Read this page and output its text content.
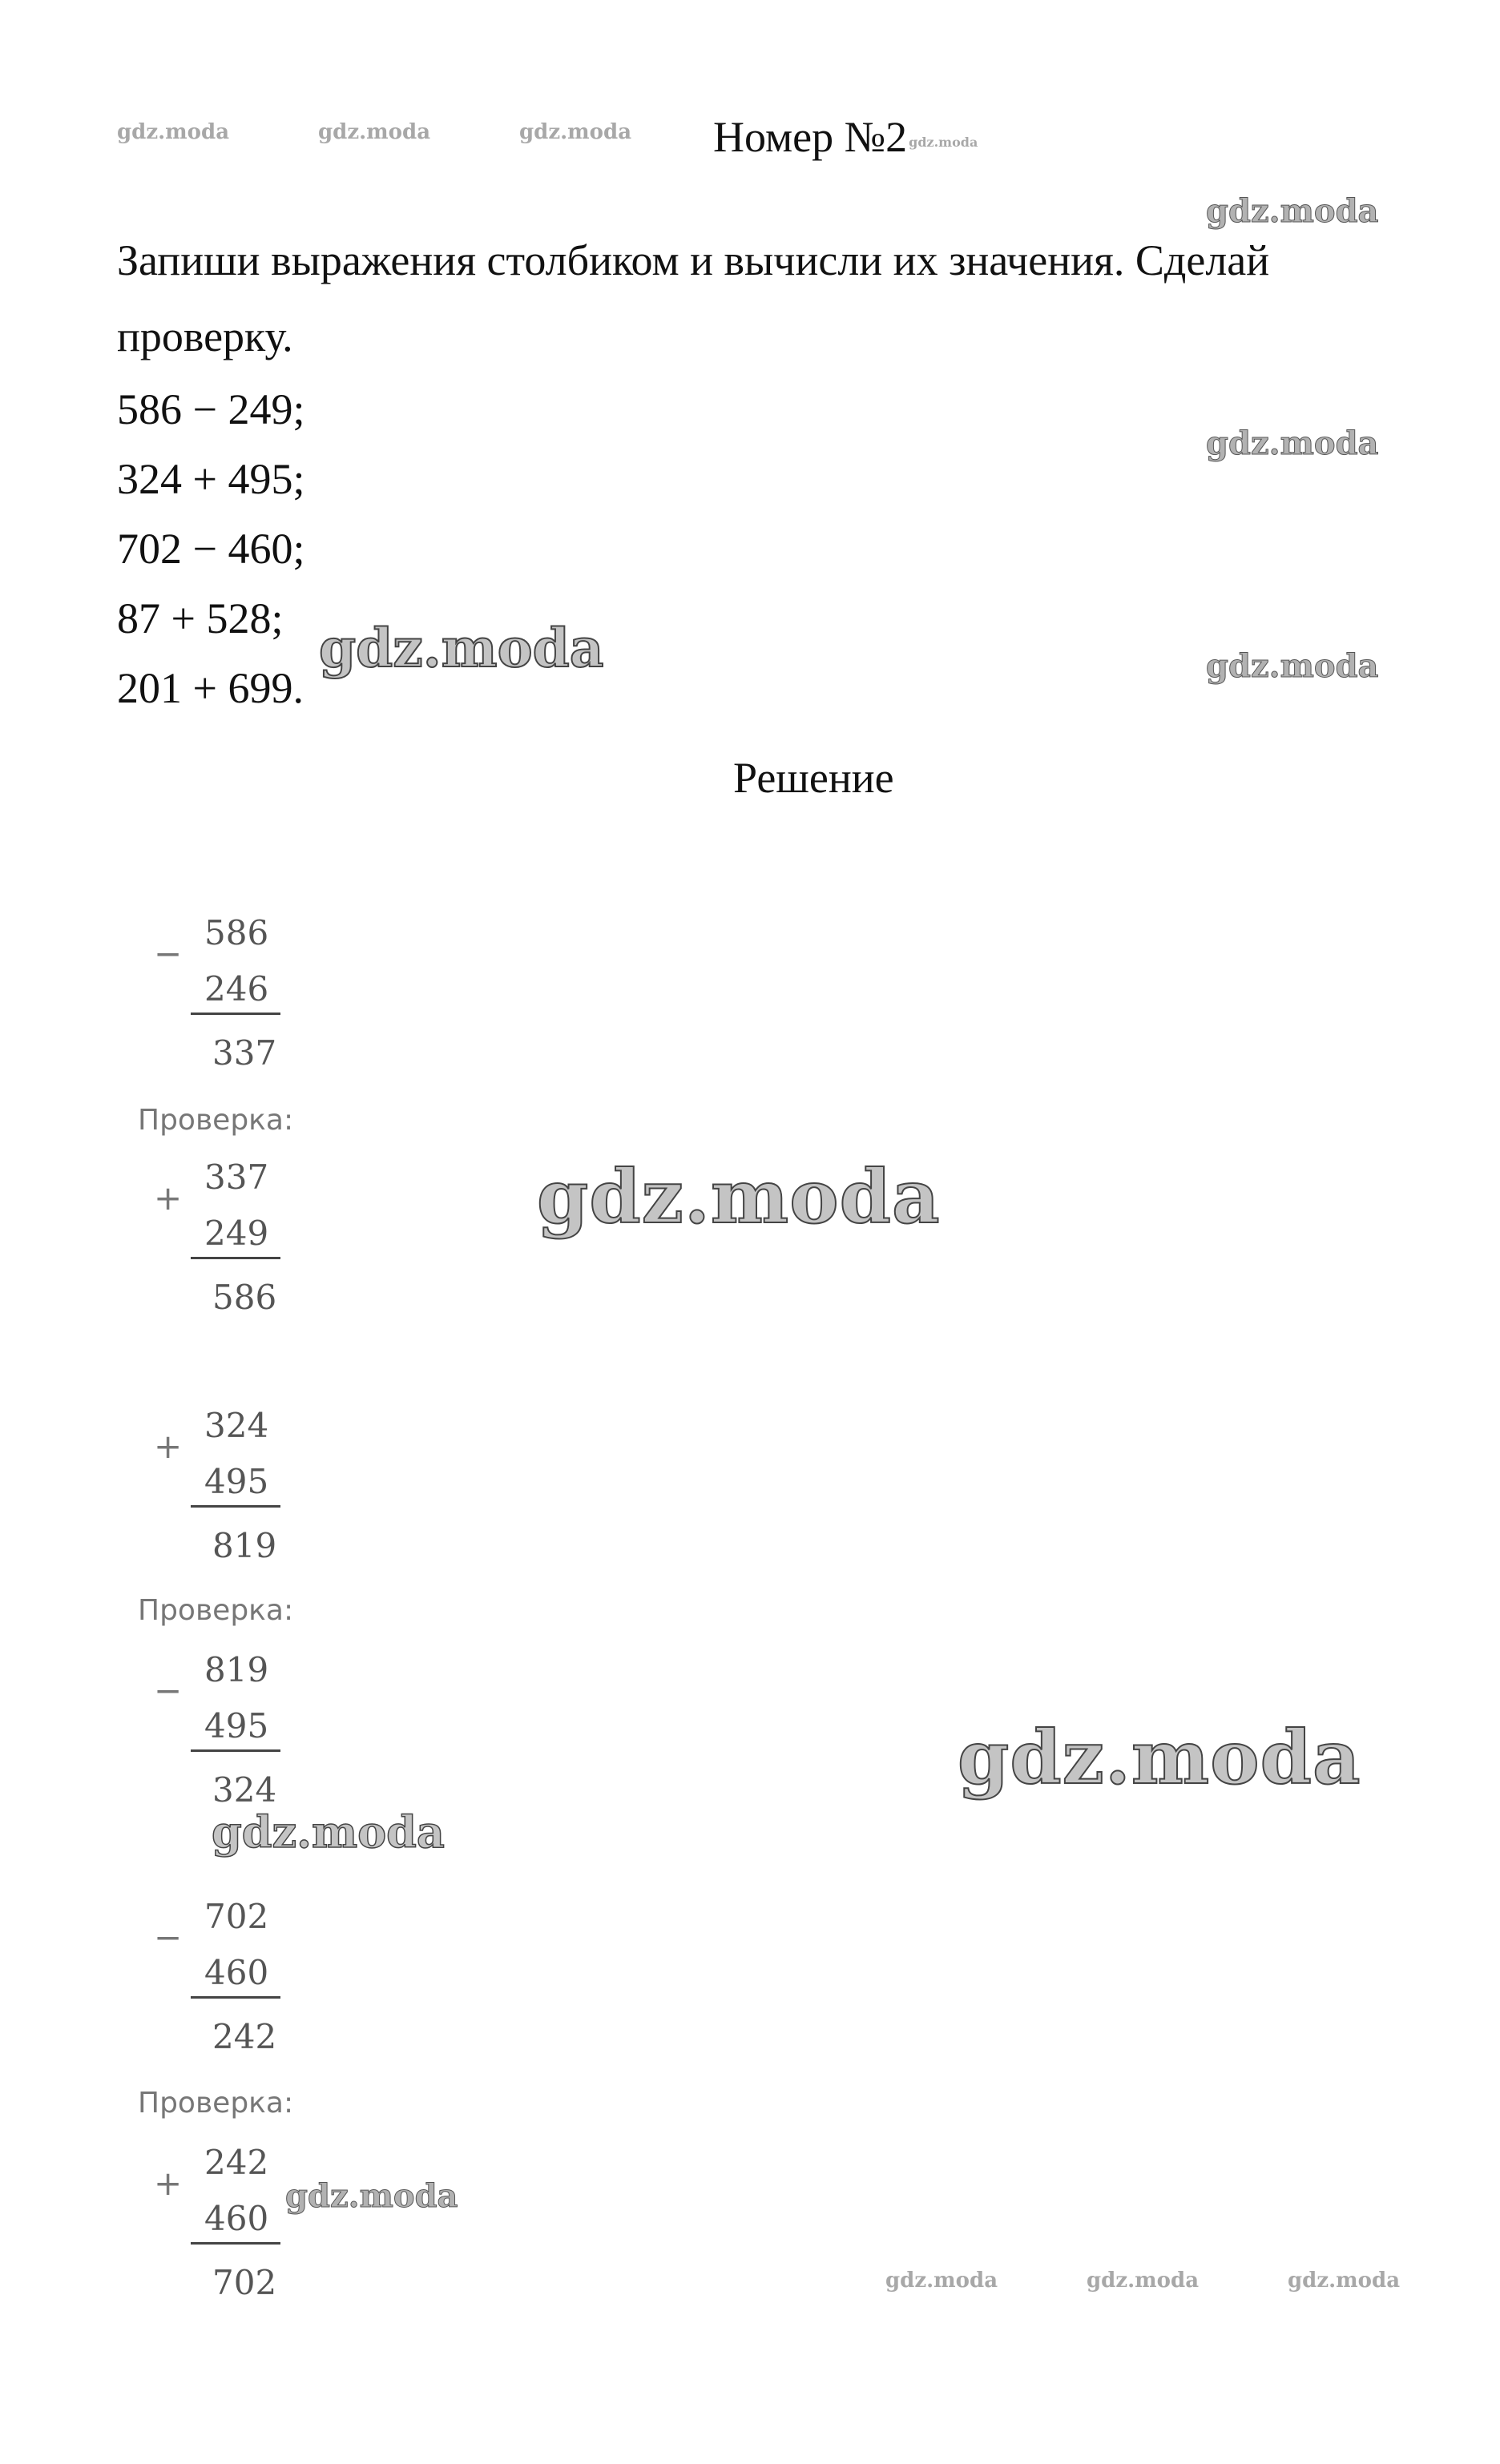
gdz.moda	gdz.moda	gdz.moda Номер №2 gdz.moda
gdz.moda

Запиши выражения столбиком и вычисли их значения. Сделай

проверку.

586 − 249;

324 + 495;

702 − 460;

87 + 528;

201 + 699.

gdz.moda
gdz.moda	gdz.moda
Решение
−
586
246
337
Проверка:
+
337
249
586
gdz.moda
+
324
495
819
Проверка:
−
819
495
324	gdz.moda
gdz.moda
−
702
460
242
Проверка:
+
242
460
702
gdz.moda
gdz.moda	gdz.moda	gdz.moda
